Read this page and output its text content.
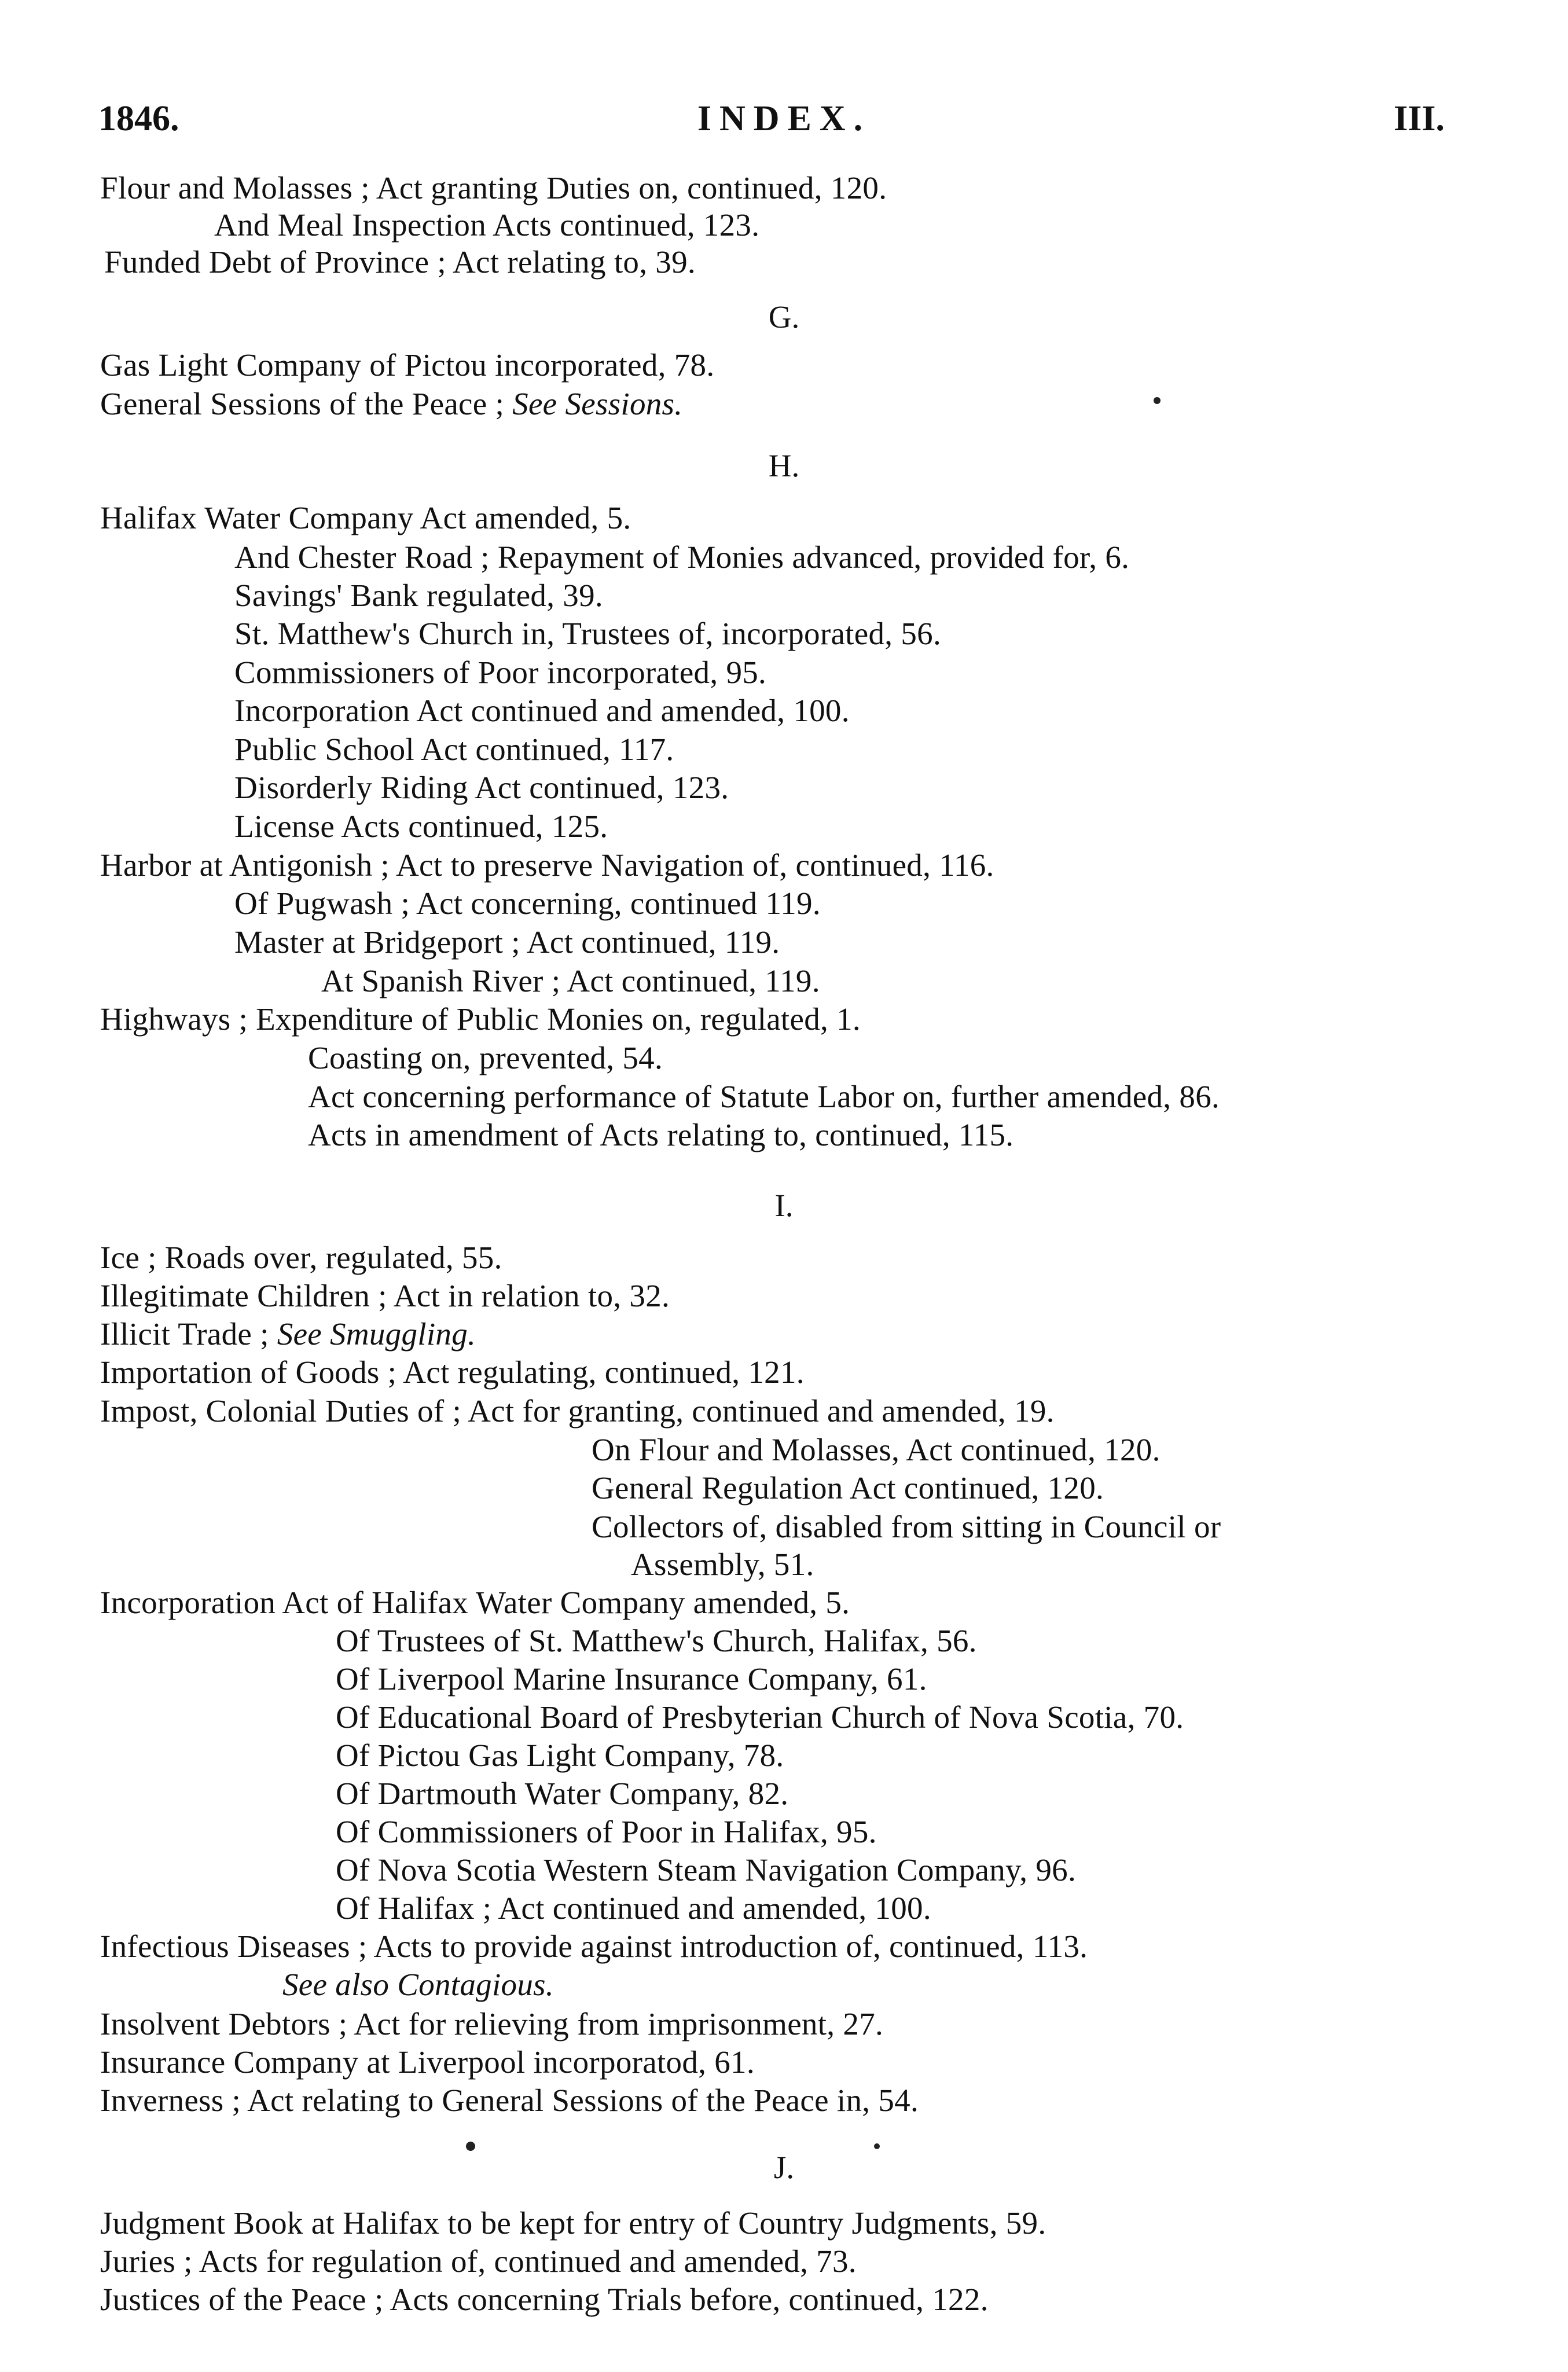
1846.	INDEX.	III.
Flour and Molasses ; Act granting Duties on, continued, 120.
And Meal Inspection Acts continued, 123.
Funded Debt of Province ; Act relating to, 39.
G.
Gas Light Company of Pictou incorporated, 78.
General Sessions of the Peace ; See Sessions.
H.
Halifax Water Company Act amended, 5.
And Chester Road ; Repayment of Monies advanced, provided for, 6.
Savings' Bank regulated, 39.
St. Matthew's Church in, Trustees of, incorporated, 56.
Commissioners of Poor incorporated, 95.
Incorporation Act continued and amended, 100.
Public School Act continued, 117.
Disorderly Riding Act continued, 123.
License Acts continued, 125.
Harbor at Antigonish ; Act to preserve Navigation of, continued, 116.
Of Pugwash ; Act concerning, continued 119.
Master at Bridgeport ; Act continued, 119.
At Spanish River ; Act continued, 119.
Highways ; Expenditure of Public Monies on, regulated, 1.
Coasting on, prevented, 54.
Act concerning performance of Statute Labor on, further amended, 86.
Acts in amendment of Acts relating to, continued, 115.
I.
Ice ; Roads over, regulated, 55.
Illegitimate Children ; Act in relation to, 32.
Illicit Trade ; See Smuggling.
Importation of Goods ; Act regulating, continued, 121.
Impost, Colonial Duties of ; Act for granting, continued and amended, 19.
On Flour and Molasses, Act continued, 120.
General Regulation Act continued, 120.
Collectors of, disabled from sitting in Council or
Assembly, 51.
Incorporation Act of Halifax Water Company amended, 5.
Of Trustees of St. Matthew's Church, Halifax, 56.
Of Liverpool Marine Insurance Company, 61.
Of Educational Board of Presbyterian Church of Nova Scotia, 70.
Of Pictou Gas Light Company, 78.
Of Dartmouth Water Company, 82.
Of Commissioners of Poor in Halifax, 95.
Of Nova Scotia Western Steam Navigation Company, 96.
Of Halifax ; Act continued and amended, 100.
Infectious Diseases ; Acts to provide against introduction of, continued, 113.
See also Contagious.
Insolvent Debtors ; Act for relieving from imprisonment, 27.
Insurance Company at Liverpool incorporatod, 61.
Inverness ; Act relating to General Sessions of the Peace in, 54.
J.
Judgment Book at Halifax to be kept for entry of Country Judgments, 59.
Juries ; Acts for regulation of, continued and amended, 73.
Justices of the Peace ; Acts concerning Trials before, continued, 122.
